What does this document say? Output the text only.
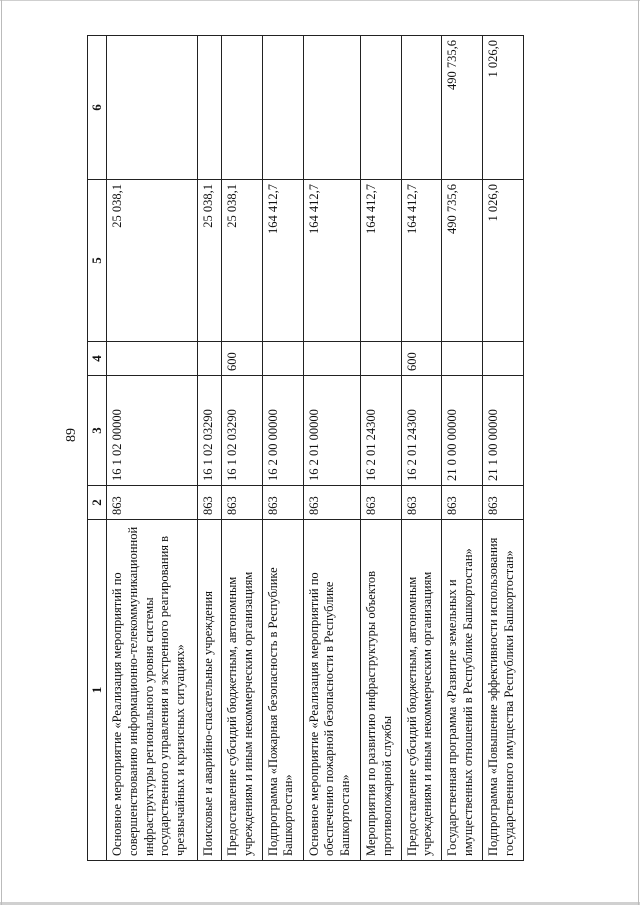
89
1	2	3	4	5	6
Основное мероприятие «Реализация мероприятий по совершенствованию информационно-телекоммуникационной инфраструктуры регионального уровня системы государственного управления и экстренного реагирования в чрезвычайных и кризисных ситуациях»	863	16 1 02 00000		25 038,1	
Поисковые и аварийно-спасательные учреждения	863	16 1 02 03290		25 038,1	
Предоставление субсидий бюджетным, автономным учреждениям и иным некоммерческим организациям	863	16 1 02 03290	600	25 038,1	
Подпрограмма «Пожарная безопасность в Республике Башкортостан»	863	16 2 00 00000		164 412,7	
Основное мероприятие «Реализация мероприятий по обеспечению пожарной безопасности в Республике Башкортостан»	863	16 2 01 00000		164 412,7	
Мероприятия по развитию инфраструктуры объектов противопожарной службы	863	16 2 01 24300		164 412,7	
Предоставление субсидий бюджетным, автономным учреждениям и иным некоммерческим организациям	863	16 2 01 24300	600	164 412,7	
Государственная программа «Развитие земельных и имущественных отношений в Республике Башкортостан»	863	21 0 00 00000		490 735,6	490 735,6
Подпрограмма «Повышение эффективности использования государственного имущества Республики Башкортостан»	863	21 1 00 00000		1 026,0	1 026,0
